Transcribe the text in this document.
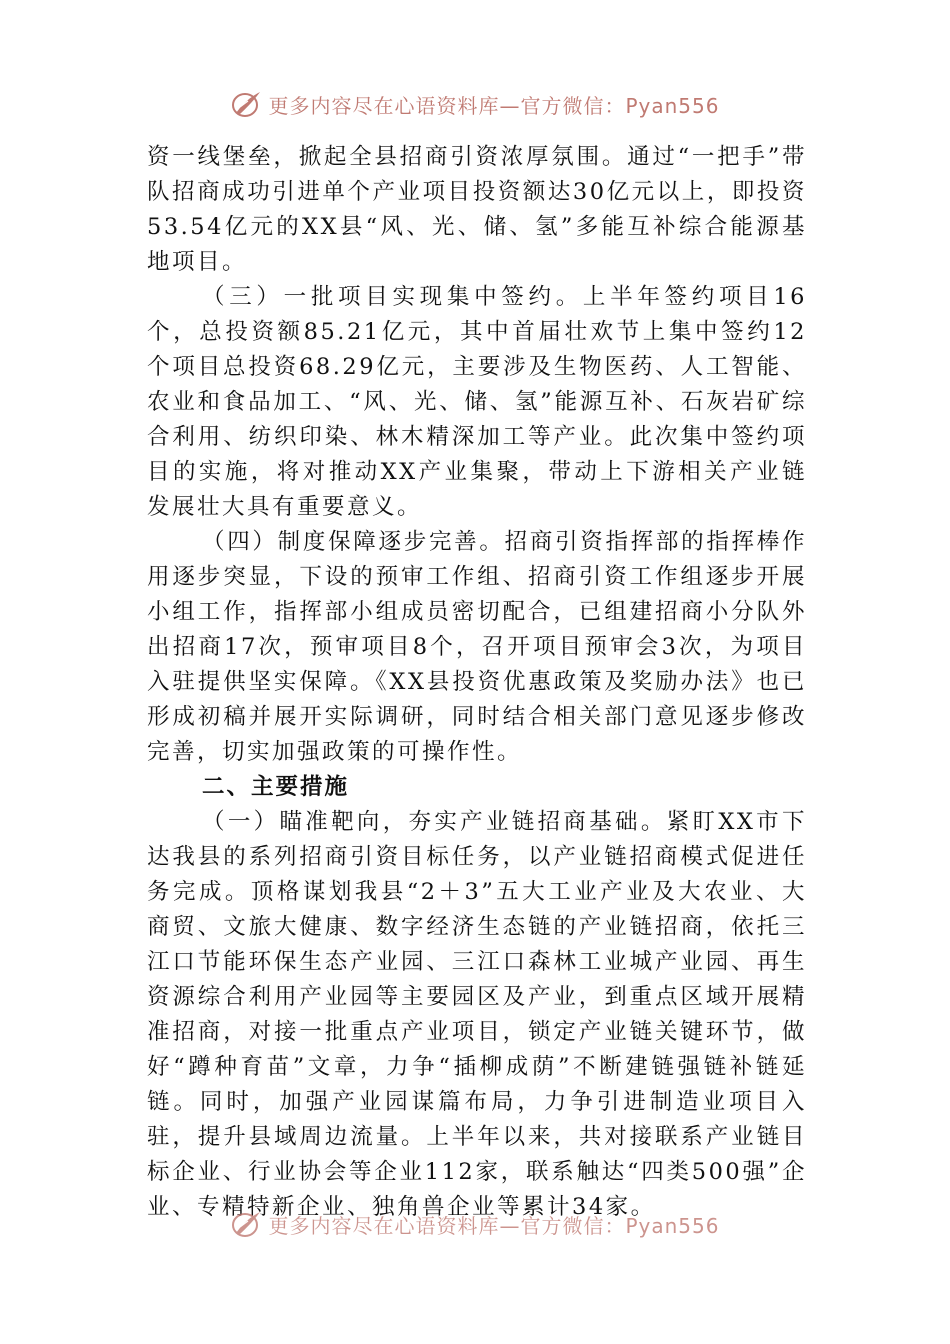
更多内容尽在心语资料库—官方微信：Pyan556

资一线堡垒，掀起全县招商引资浓厚氛围。通过“一把手”带队招商成功引进单个产业项目投资额达30亿元以上，即投资53.54亿元的XX县“风、光、储、氢”多能互补综合能源基地项目。

（三）一批项目实现集中签约。上半年签约项目16个，总投资额85.21亿元，其中首届壮欢节上集中签约12个项目总投资68.29亿元，主要涉及生物医药、人工智能、农业和食品加工、“风、光、储、氢”能源互补、石灰岩矿综合利用、纺织印染、林木精深加工等产业。此次集中签约项目的实施，将对推动XX产业集聚，带动上下游相关产业链发展壮大具有重要意义。

（四）制度保障逐步完善。招商引资指挥部的指挥棒作用逐步突显，下设的预审工作组、招商引资工作组逐步开展小组工作，指挥部小组成员密切配合，已组建招商小分队外出招商17次，预审项目8个，召开项目预审会3次，为项目入驻提供坚实保障。《XX县投资优惠政策及奖励办法》也已形成初稿并展开实际调研，同时结合相关部门意见逐步修改完善，切实加强政策的可操作性。

二、主要措施

（一）瞄准靶向，夯实产业链招商基础。紧盯XX市下达我县的系列招商引资目标任务，以产业链招商模式促进任务完成。顶格谋划我县“2＋3”五大工业产业及大农业、大商贸、文旅大健康、数字经济生态链的产业链招商，依托三江口节能环保生态产业园、三江口森林工业城产业园、再生资源综合利用产业园等主要园区及产业，到重点区域开展精准招商，对接一批重点产业项目，锁定产业链关键环节，做好“蹲种育苗”文章，力争“插柳成荫”不断建链强链补链延链。同时，加强产业园谋篇布局，力争引进制造业项目入驻，提升县域周边流量。上半年以来，共对接联系产业链目标企业、行业协会等企业112家，联系触达“四类500强”企业、专精特新企业、独角兽企业等累计34家。

更多内容尽在心语资料库—官方微信：Pyan556
